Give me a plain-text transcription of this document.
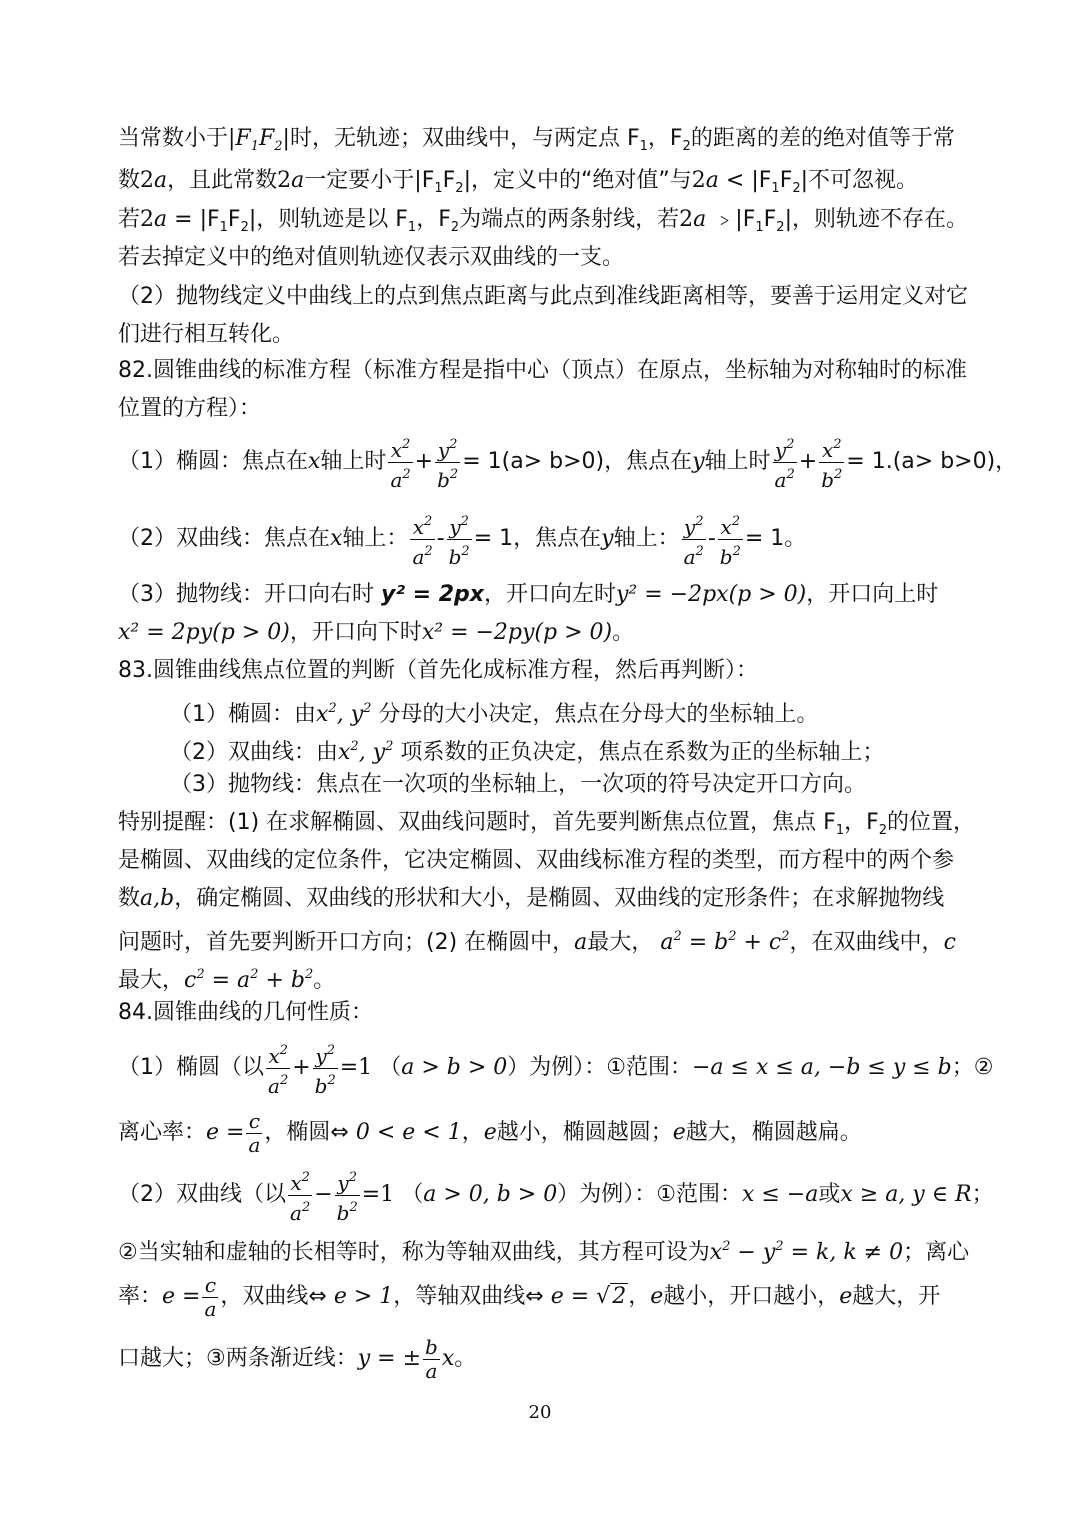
当常数小于$|F_1F_2|$时，无轨迹；双曲线中，与两定点 $F_1$，$F_2$的距离的差的绝对值等于常
数2a，且此常数2a一定要小于$|F_1F_2|$，定义中的“绝对值”与$2a < |F_1F_2|$不可忽视。
若$2a = |F_1F_2|$，则轨迹是以 $F_1$，$F_2$为端点的两条射线，若2a $﹥|F_1F_2|$，则轨迹不存在。
若去掉定义中的绝对值则轨迹仅表示双曲线的一支。
（2）抛物线定义中曲线上的点到焦点距离与此点到准线距离相等，要善于运用定义对它
们进行相互转化。
82.圆锥曲线的标准方程（标准方程是指中心（顶点）在原点，坐标轴为对称轴时的标准
位置的方程）：
（1）椭圆：焦点在x轴上时 $\frac{x^2}{a^2} + \frac{y^2}{b^2} = 1(a> b>0)$，焦点在y轴上时 $\frac{y^2}{a^2} + \frac{x^2}{b^2} = 1.(a> b>0)$，
（2）双曲线：焦点在x轴上： $\frac{x^2}{a^2} - \frac{y^2}{b^2} = 1$，焦点在y轴上： $\frac{y^2}{a^2} - \frac{x^2}{b^2} = 1$。
（3）抛物线：开口向右时 y² = 2px，开口向左时y² = −2px(p > 0)，开口向上时
x² = 2py(p > 0)，开口向下时x² = −2py(p > 0)。
83.圆锥曲线焦点位置的判断（首先化成标准方程，然后再判断）：
（1）椭圆：由$x^2$, $y^2$ 分母的大小决定，焦点在分母大的坐标轴上。
（2）双曲线：由$x^2$, $y^2$ 项系数的正负决定，焦点在系数为正的坐标轴上；
（3）抛物线：焦点在一次项的坐标轴上，一次项的符号决定开口方向。
特别提醒：(1) 在求解椭圆、双曲线问题时，首先要判断焦点位置，焦点 $F_1$，$F_2$的位置，
是椭圆、双曲线的定位条件，它决定椭圆、双曲线标准方程的类型，而方程中的两个参
数a,b，确定椭圆、双曲线的形状和大小，是椭圆、双曲线的定形条件；在求解抛物线
问题时，首先要判断开口方向；(2) 在椭圆中，a最大， $a^2 = b^2 + c^2$，在双曲线中，c
最大，$c^2 = a^2 + b^2$。
84.圆锥曲线的几何性质：
（1）椭圆（以 $\frac{x^2}{a^2} + \frac{y^2}{b^2} =1$ （a > b > 0）为例）：①范围：−a ≤ x ≤ a, −b ≤ y ≤ b；②
离心率：$e = \frac{c}{a}$ ，椭圆⇔ 0 < e < 1，e越小，椭圆越圆；e越大，椭圆越扁。
（2）双曲线（以 $\frac{x^2}{a^2} - \frac{y^2}{b^2} =1$ （a > 0, b > 0）为例）：①范围：x ≤ −a或x ≥ a, y ∈ R；
②当实轴和虚轴的长相等时，称为等轴双曲线，其方程可设为$x^2 - y^2 = k$, k ≠ 0；离心
率：$e = \frac{c}{a}$ ，双曲线⇔ e > 1，等轴双曲线⇔ e = √2，e越小，开口越小，e越大，开
口越大；③两条渐近线：y = ± $\frac{b}{a}$ x。
20
